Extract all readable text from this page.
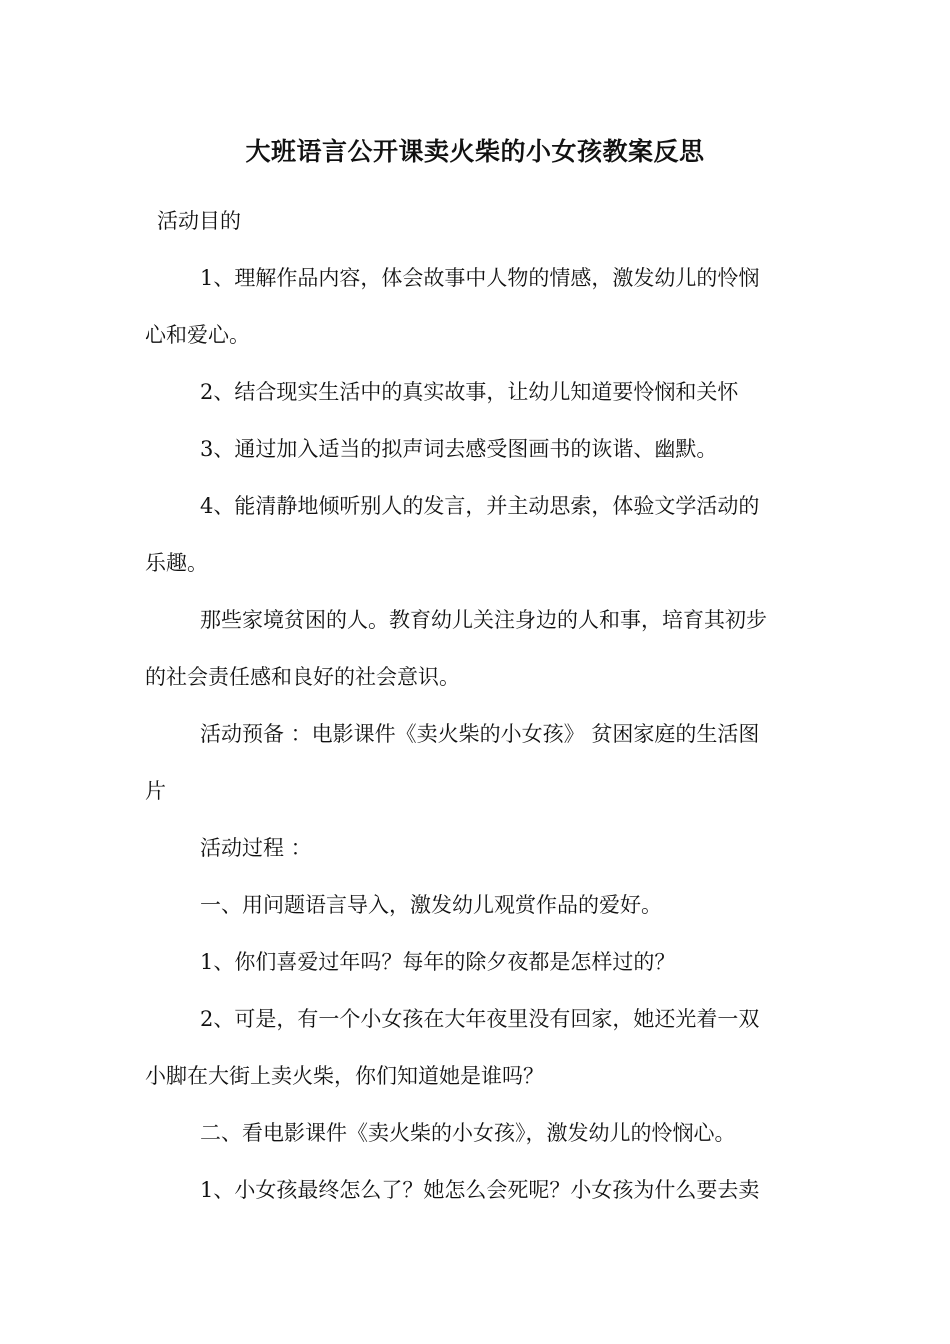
大班语言公开课卖火柴的小女孩教案反思

活动目的

1、理解作品内容，体会故事中人物的情感，激发幼儿的怜悯

心和爱心。

2、结合现实生活中的真实故事，让幼儿知道要怜悯和关怀

3、通过加入适当的拟声词去感受图画书的诙谐、幽默。

4、能清静地倾听别人的发言，并主动思索，体验文学活动的

乐趣。

那些家境贫困的人。教育幼儿关注身边的人和事，培育其初步

的社会责任感和良好的社会意识。

活动预备 ：电影课件《卖火柴的小女孩》 贫困家庭的生活图

片

活动过程 ：

一、用问题语言导入，激发幼儿观赏作品的爱好。

1、你们喜爱过年吗？每年的除夕夜都是怎样过的？

2、可是，有一个小女孩在大年夜里没有回家，她还光着一双

小脚在大街上卖火柴，你们知道她是谁吗？

二、看电影课件《卖火柴的小女孩》，激发幼儿的怜悯心。

1、小女孩最终怎么了？她怎么会死呢？小女孩为什么要去卖
